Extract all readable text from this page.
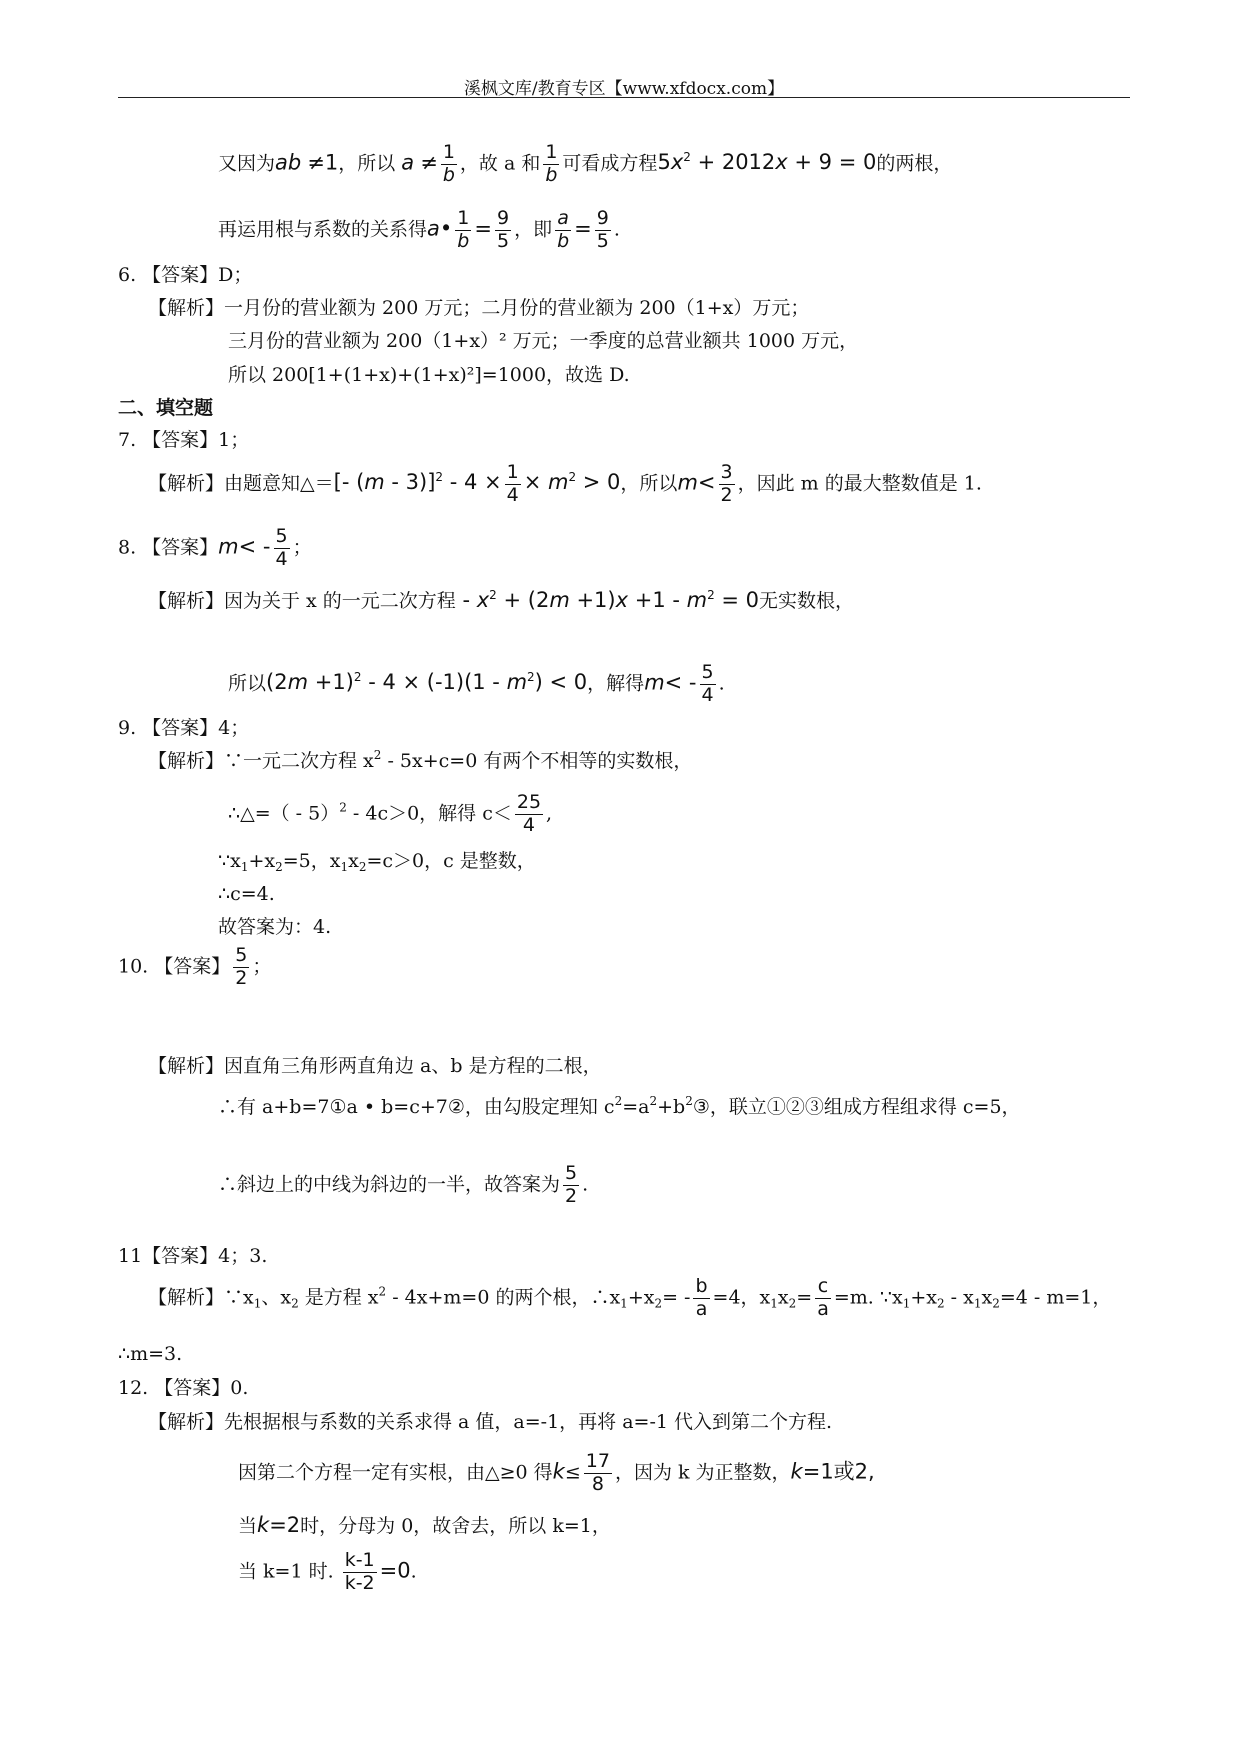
溪枫文库/教育专区【www.xfdocx.com】
又因为ab ≠1，所以 $a \ne \frac{1}{b}$ ，故 a 和 $\frac{1}{b}$ 可看成方程$5x^2 + 2012x + 9 = 0$的两根，
再运用根与系数的关系得a• $\frac{1}{b} = \frac{9}{5}$ ，即 $\frac{a}{b} = \frac{9}{5}$ .
6. 【答案】D；
【解析】一月份的营业额为 200 万元；二月份的营业额为 200（1+x）万元；
三月份的营业额为 200（1+x）² 万元；一季度的总营业额共 1000 万元，
所以 200[1+(1+x)+(1+x)²]=1000，故选 D.
二、填空题
7. 【答案】1；
【解析】由题意知△＝[- $(m - 3)]^2 - 4 \times \frac{1}{4} \times m^2 > 0$，所以$m< \frac{3}{2}$ ，因此 m 的最大整数值是 1.
8. 【答案】$m< - \frac{5}{4}$ ；
【解析】因为关于 x 的一元二次方程 - $x^2 + (2m +1)x +1 - m^2 = 0$无实数根，
所以$(2m +1)^2 - 4 \times (-1)(1 - m^2) < 0$，解得$m< - \frac{5}{4}$ .
9. 【答案】4；
【解析】∵一元二次方程 $x^2 - 5x+c=0$ 有两个不相等的实数根，
∴△=（ - 5）$^2$ - 4c＞0，解得 $c< \frac{25}{4}$ ,
$\because x_1+x_2=5$，$x_1x_2=c>0$，c 是整数，
∴c=4.
故答案为：4.
10. 【答案】 $\frac{5}{2}$ ；
【解析】因直角三角形两直角边 a、b 是方程的二根，
∴有 a+b=7①a • b=c+7②，由勾股定理知 $c^2=a^2+b^2③$，联立①②③组成方程组求得 c=5，
∴斜边上的中线为斜边的一半，故答案为 $\frac{5}{2}$ .
11【答案】4；3.
【解析】$\because x_1$、$x_2$ 是方程 $x^2 - 4x+m=0$ 的两个根，$\therefore x_1+x_2= - \frac{b}{a} =4$，$x_1x_2= \frac{c}{a} =m$. $\because x_1+x_2 - x_1x_2=4 - m=1$，
∴m=3.
12. 【答案】0.
【解析】先根据根与系数的关系求得 a 值，a=-1，再将 a=-1 代入到第二个方程.
因第二个方程一定有实根，由△≥0 得$k\le \frac{17}{8}$ ，因为 k 为正整数，k=1或2,
当k=2时，分母为 0，故舍去，所以 k=1，
当 k=1 时. $\frac{k-1}{k-2} =0$.
